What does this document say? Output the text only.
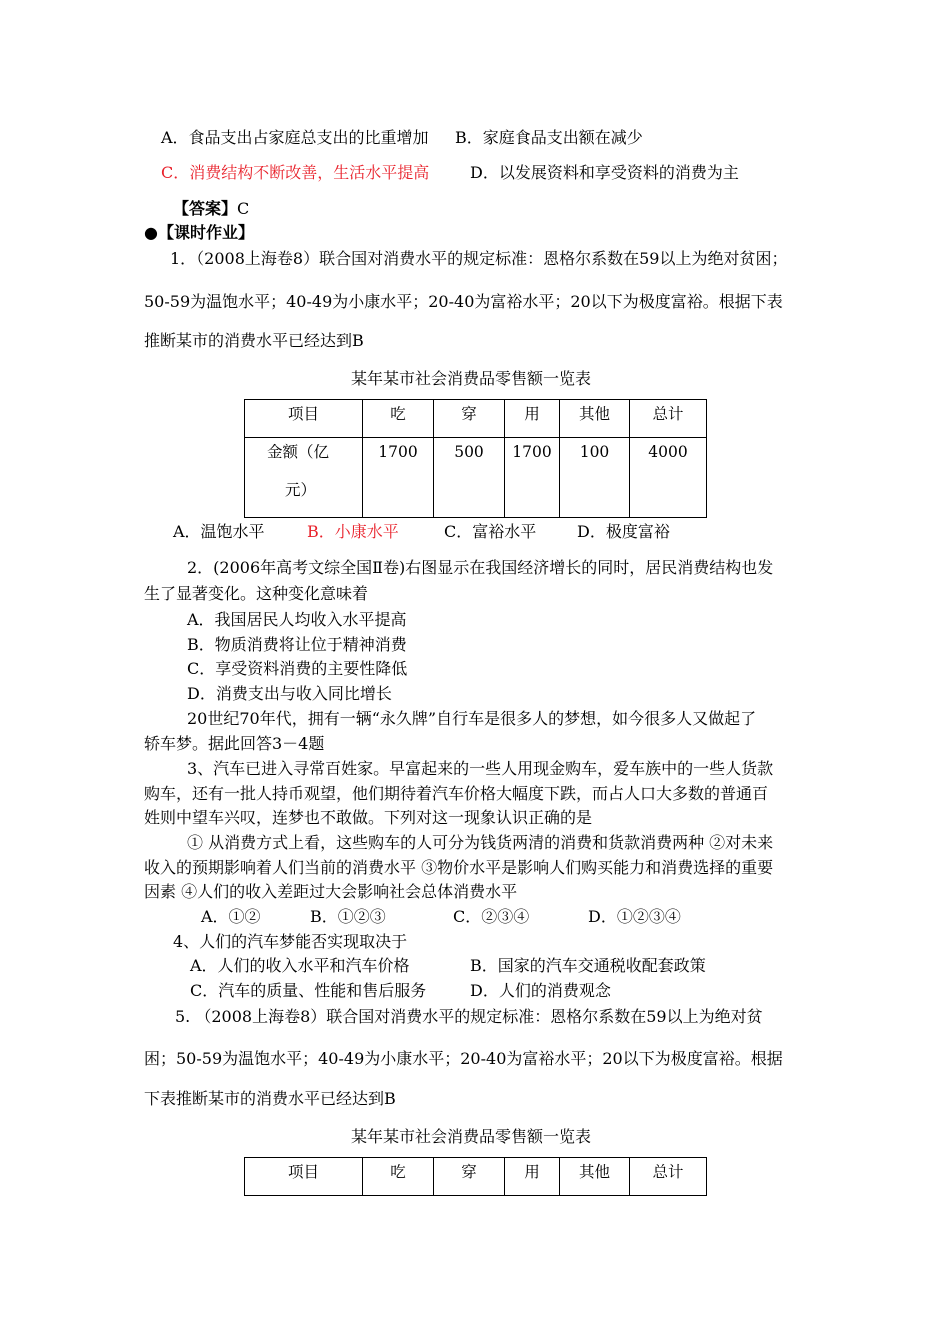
A．食品支出占家庭总支出的比重增加 B．家庭食品支出额在减少
C．消费结构不断改善，生活水平提高	D．以发展资料和享受资料的消费为主
【答案】C
●【课时作业】
1．（2008上海卷8）联合国对消费水平的规定标准：恩格尔系数在59以上为绝对贫困；
50-59为温饱水平；40-49为小康水平；20-40为富裕水平；20以下为极度富裕。根据下表
推断某市的消费水平已经达到B
某年某市社会消费品零售额一览表
项目	吃	穿	用	其他	总计

金额（亿
元）	1700	500	1700	100	4000
A．温饱水平	B．小康水平	C．富裕水平	D．极度富裕
2．(2006年高考文综全国Ⅱ卷)右图显示在我国经济增长的同时，居民消费结构也发
生了显著变化。这种变化意味着
A．我国居民人均收入水平提高
B．物质消费将让位于精神消费
C．享受资料消费的主要性降低
D．消费支出与收入同比增长
20世纪70年代，拥有一辆“永久牌”自行车是很多人的梦想，如今很多人又做起了
轿车梦。据此回答3－4题
3、汽车已进入寻常百姓家。早富起来的一些人用现金购车，爱车族中的一些人货款
购车，还有一批人持币观望，他们期待着汽车价格大幅度下跌，而占人口大多数的普通百
姓则中望车兴叹，连梦也不敢做。下列对这一现象认识正确的是
① 从消费方式上看，这些购车的人可分为钱货两清的消费和货款消费两种 ②对未来
收入的预期影响着人们当前的消费水平 ③物价水平是影响人们购买能力和消费选择的重要
因素 ④人们的收入差距过大会影响社会总体消费水平
A．①②	B．①②③	C．②③④	D．①②③④
4、人们的汽车梦能否实现取决于
A．人们的收入水平和汽车价格	B．国家的汽车交通税收配套政策
C．汽车的质量、性能和售后服务	D．人们的消费观念
5. （2008上海卷8）联合国对消费水平的规定标准：恩格尔系数在59以上为绝对贫
困；50-59为温饱水平；40-49为小康水平；20-40为富裕水平；20以下为极度富裕。根据
下表推断某市的消费水平已经达到B
某年某市社会消费品零售额一览表
项目	吃	穿	用	其他	总计
